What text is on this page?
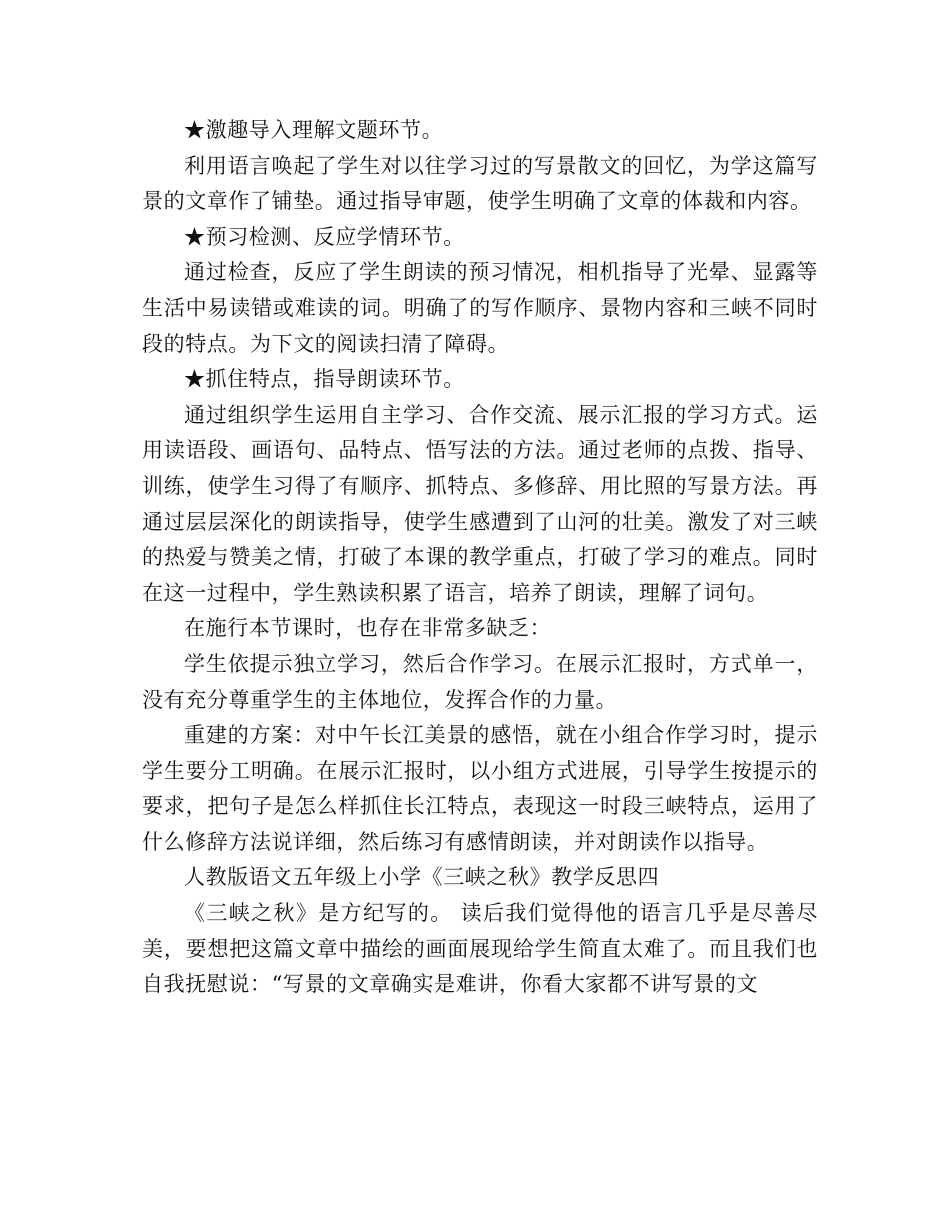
★激趣导入理解文题环节。

利用语言唤起了学生对以往学习过的写景散文的回忆，为学这篇写景的文章作了铺垫。通过指导审题，使学生明确了文章的体裁和内容。

★预习检测、反应学情环节。

通过检查，反应了学生朗读的预习情况，相机指导了光晕、显露等生活中易读错或难读的词。明确了的写作顺序、景物内容和三峡不同时段的特点。为下文的阅读扫清了障碍。

★抓住特点，指导朗读环节。

通过组织学生运用自主学习、合作交流、展示汇报的学习方式。运用读语段、画语句、品特点、悟写法的方法。通过老师的点拨、指导、训练，使学生习得了有顺序、抓特点、多修辞、用比照的写景方法。再通过层层深化的朗读指导，使学生感遭到了山河的壮美。激发了对三峡的热爱与赞美之情，打破了本课的教学重点，打破了学习的难点。同时在这一过程中，学生熟读积累了语言，培养了朗读，理解了词句。

在施行本节课时，也存在非常多缺乏：

学生依提示独立学习，然后合作学习。在展示汇报时，方式单一，没有充分尊重学生的主体地位，发挥合作的力量。

重建的方案：对中午长江美景的感悟，就在小组合作学习时，提示学生要分工明确。在展示汇报时，以小组方式进展，引导学生按提示的要求，把句子是怎么样抓住长江特点，表现这一时段三峡特点，运用了什么修辞方法说详细，然后练习有感情朗读，并对朗读作以指导。

人教版语文五年级上小学《三峡之秋》教学反思四

《三峡之秋》是方纪写的。 读后我们觉得他的语言几乎是尽善尽美，要想把这篇文章中描绘的画面展现给学生简直太难了。而且我们也自我抚慰说：“写景的文章确实是难讲，你看大家都不讲写景的文
